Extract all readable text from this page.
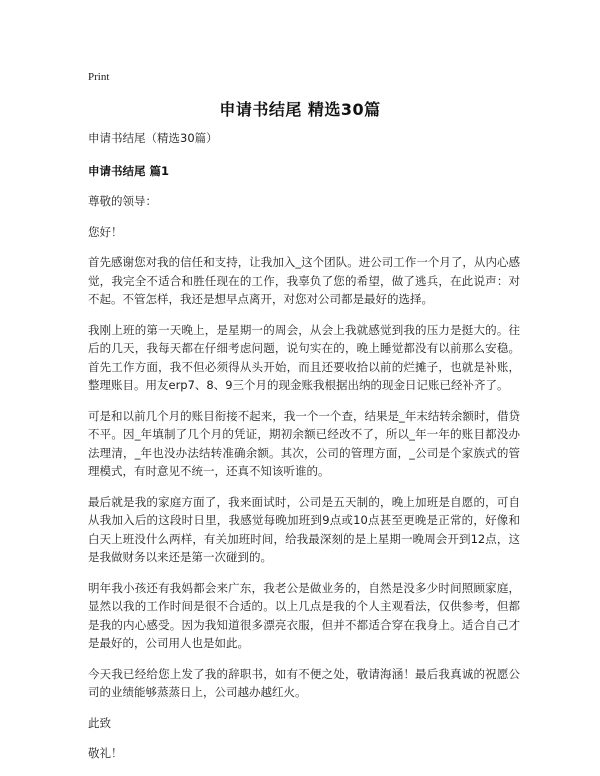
Print
申请书结尾 精选30篇

申请书结尾（精选30篇）

申请书结尾 篇1

尊敬的领导：

您好！

首先感谢您对我的信任和支持，让我加入_这个团队。进公司工作一个月了，从内心感觉，我完全不适合和胜任现在的工作，我辜负了您的希望，做了逃兵，在此说声：对不起。不管怎样，我还是想早点离开，对您对公司都是最好的选择。

我刚上班的第一天晚上，是星期一的周会，从会上我就感觉到我的压力是挺大的。往后的几天，我每天都在仔细考虑问题，说句实在的，晚上睡觉都没有以前那么安稳。首先工作方面，我不但必须得从头开始，而且还要收拾以前的烂摊子，也就是补账，整理账目。用友erp7、8、9三个月的现金账我根据出纳的现金日记账已经补齐了。

可是和以前几个月的账目衔接不起来，我一个一个查，结果是_年末结转余额时，借贷不平。因_年填制了几个月的凭证，期初余额已经改不了，所以_年一年的账目都没办法理清，_年也没办法结转准确余额。其次，公司的管理方面，_公司是个家族式的管理模式，有时意见不统一，还真不知该听谁的。

最后就是我的家庭方面了，我来面试时，公司是五天制的，晚上加班是自愿的，可自从我加入后的这段时日里，我感觉每晚加班到9点或10点甚至更晚是正常的，好像和白天上班没什么两样，有关加班时间，给我最深刻的是上星期一晚周会开到12点，这是我做财务以来还是第一次碰到的。

明年我小孩还有我妈都会来广东，我老公是做业务的，自然是没多少时间照顾家庭，显然以我的工作时间是很不合适的。以上几点是我的个人主观看法，仅供参考，但都是我的内心感受。因为我知道很多漂亮衣服，但并不都适合穿在我身上。适合自己才是最好的，公司用人也是如此。

今天我已经给您上发了我的辞职书，如有不便之处，敬请海涵！最后我真诚的祝愿公司的业绩能够蒸蒸日上，公司越办越红火。

此致

敬礼！
